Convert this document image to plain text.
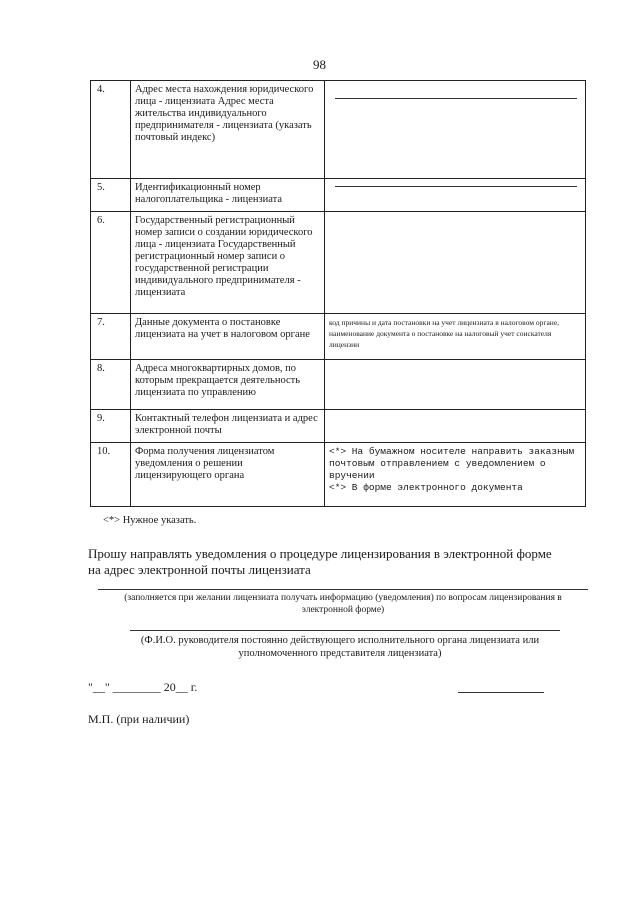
98
4.	Адрес места нахождения юридического лица - лицензиата Адрес места жительства индивидуального предпринимателя - лицензиата (указать почтовый индекс)	

5.	Идентификационный номер налогоплательщика - лицензиата	

6.	Государственный регистрационный номер записи о создании юридического лица - лицензиата Государственный регистрационный номер записи о государственной регистрации индивидуального предпринимателя - лицензиата	
7.	Данные документа о постановке лицензиата на учет в налоговом органе	код причины и дата постановки на учет лицензиата в налоговом органе, наименование документа о постановке на налоговый учет соискателя лицензии
8.	Адреса многоквартирных домов, по которым прекращается деятельность лицензиата по управлению	
9.	Контактный телефон лицензиата и адрес электронной почты	
10.	Форма получения лицензиатом уведомления о решении лицензирующего органа	<*> На бумажном носителе направить заказным почтовым отправлением с уведомлением о вручении
<*> В форме электронного документа
<*> Нужное указать.
Прошу направлять уведомления о процедуре лицензирования в электронной форме на адрес электронной почты лицензиата
(заполняется при желании лицензиата получать информацию (уведомления) по вопросам лицензирования в электронной форме)
(Ф.И.О. руководителя постоянно действующего исполнительного органа лицензиата или уполномоченного представителя лицензиата)
"__" ________ 20__ г.
М.П. (при наличии)
